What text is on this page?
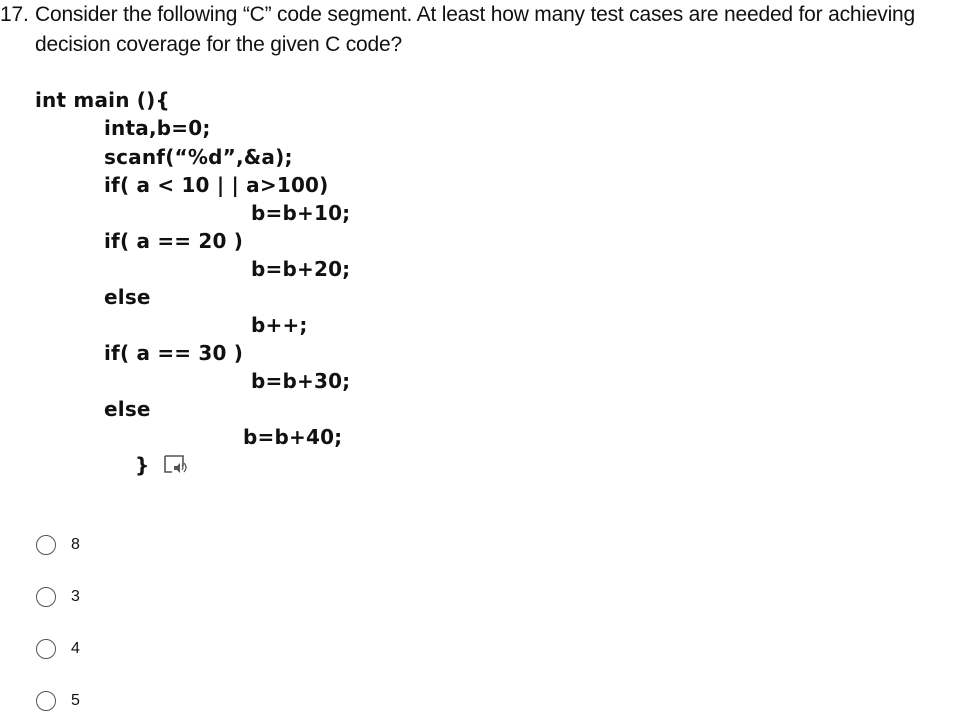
17. Consider the following “C” code segment. At least how many test cases are needed for achieving
decision coverage for the given C code?
int main (){
inta,b=0;
scanf(“%d”,&a);
if( a < 10 | | a>100)
b=b+10;
if( a == 20 )
b=b+20;
else
b++;
if( a == 30 )
b=b+30;
else
b=b+40;
}
8
3
4
5
